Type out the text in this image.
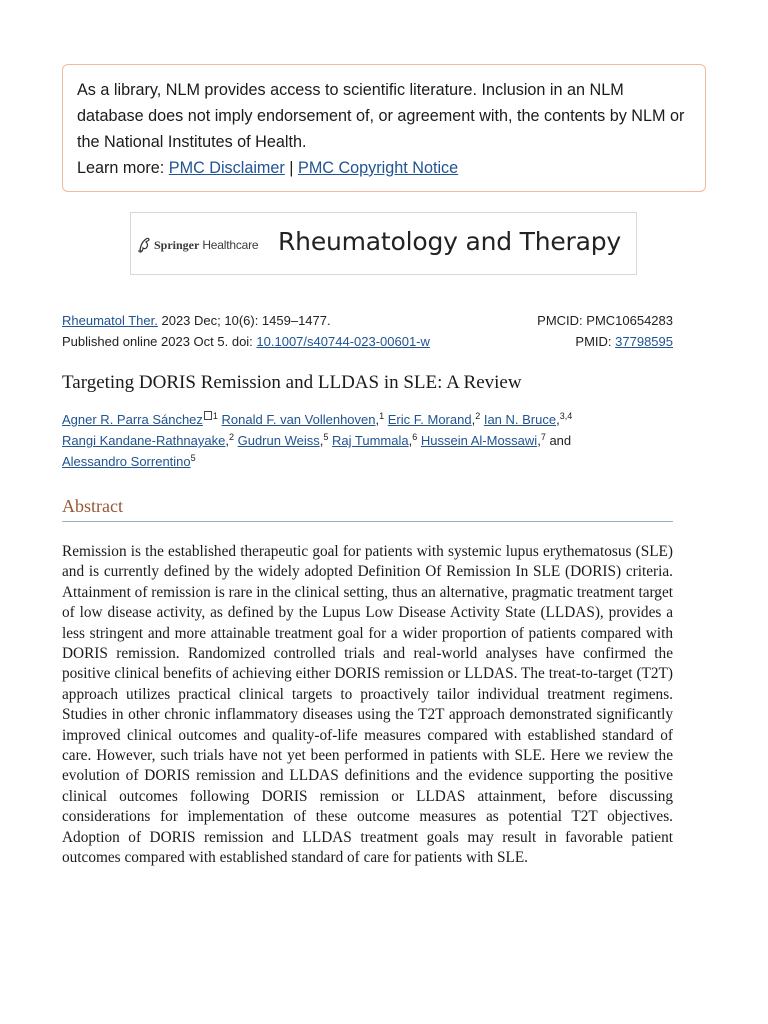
As a library, NLM provides access to scientific literature. Inclusion in an NLM database does not imply endorsement of, or agreement with, the contents by NLM or the National Institutes of Health.
Learn more: PMC Disclaimer | PMC Copyright Notice
Springer Healthcare Rheumatology and Therapy
Rheumatol Ther. 2023 Dec; 10(6): 1459–1477.	PMCID: PMC10654283
Published online 2023 Oct 5. doi: 10.1007/s40744-023-00601-w	PMID: 37798595
Targeting DORIS Remission and LLDAS in SLE: A Review
Agner R. Parra Sánchez $^1$ Ronald F. van Vollenhoven,$^1$ Eric F. Morand,$^2$ Ian N. Bruce,$^{3,4}$
Rangi Kandane-Rathnayake,$^2$ Gudrun Weiss,$^5$ Raj Tummala,$^6$ Hussein Al-Mossawi,$^7$ and
Alessandro Sorrentino$^5$
Abstract
Remission is the established therapeutic goal for patients with systemic lupus erythematosus (SLE) and is currently defined by the widely adopted Definition Of Remission In SLE (DORIS) criteria. Attainment of remission is rare in the clinical setting, thus an alternative, pragmatic treatment target of low disease activity, as defined by the Lupus Low Disease Activity State (LLDAS), provides a less stringent and more attainable treatment goal for a wider proportion of patients compared with DORIS remission. Randomized controlled trials and real-world analyses have confirmed the positive clinical benefits of achieving either DORIS remission or LLDAS. The treat-to-target (T2T) approach utilizes practical clinical targets to proactively tailor individual treatment regimens. Studies in other chronic inflammatory diseases using the T2T approach demonstrated significantly improved clinical outcomes and quality-of-life measures compared with established standard of care. However, such trials have not yet been performed in patients with SLE. Here we review the evolution of DORIS remission and LLDAS definitions and the evidence supporting the positive clinical outcomes following DORIS remission or LLDAS attainment, before discussing considerations for implementation of these outcome measures as potential T2T objectives. Adoption of DORIS remission and LLDAS treatment goals may result in favorable patient outcomes compared with established standard of care for patients with SLE.
